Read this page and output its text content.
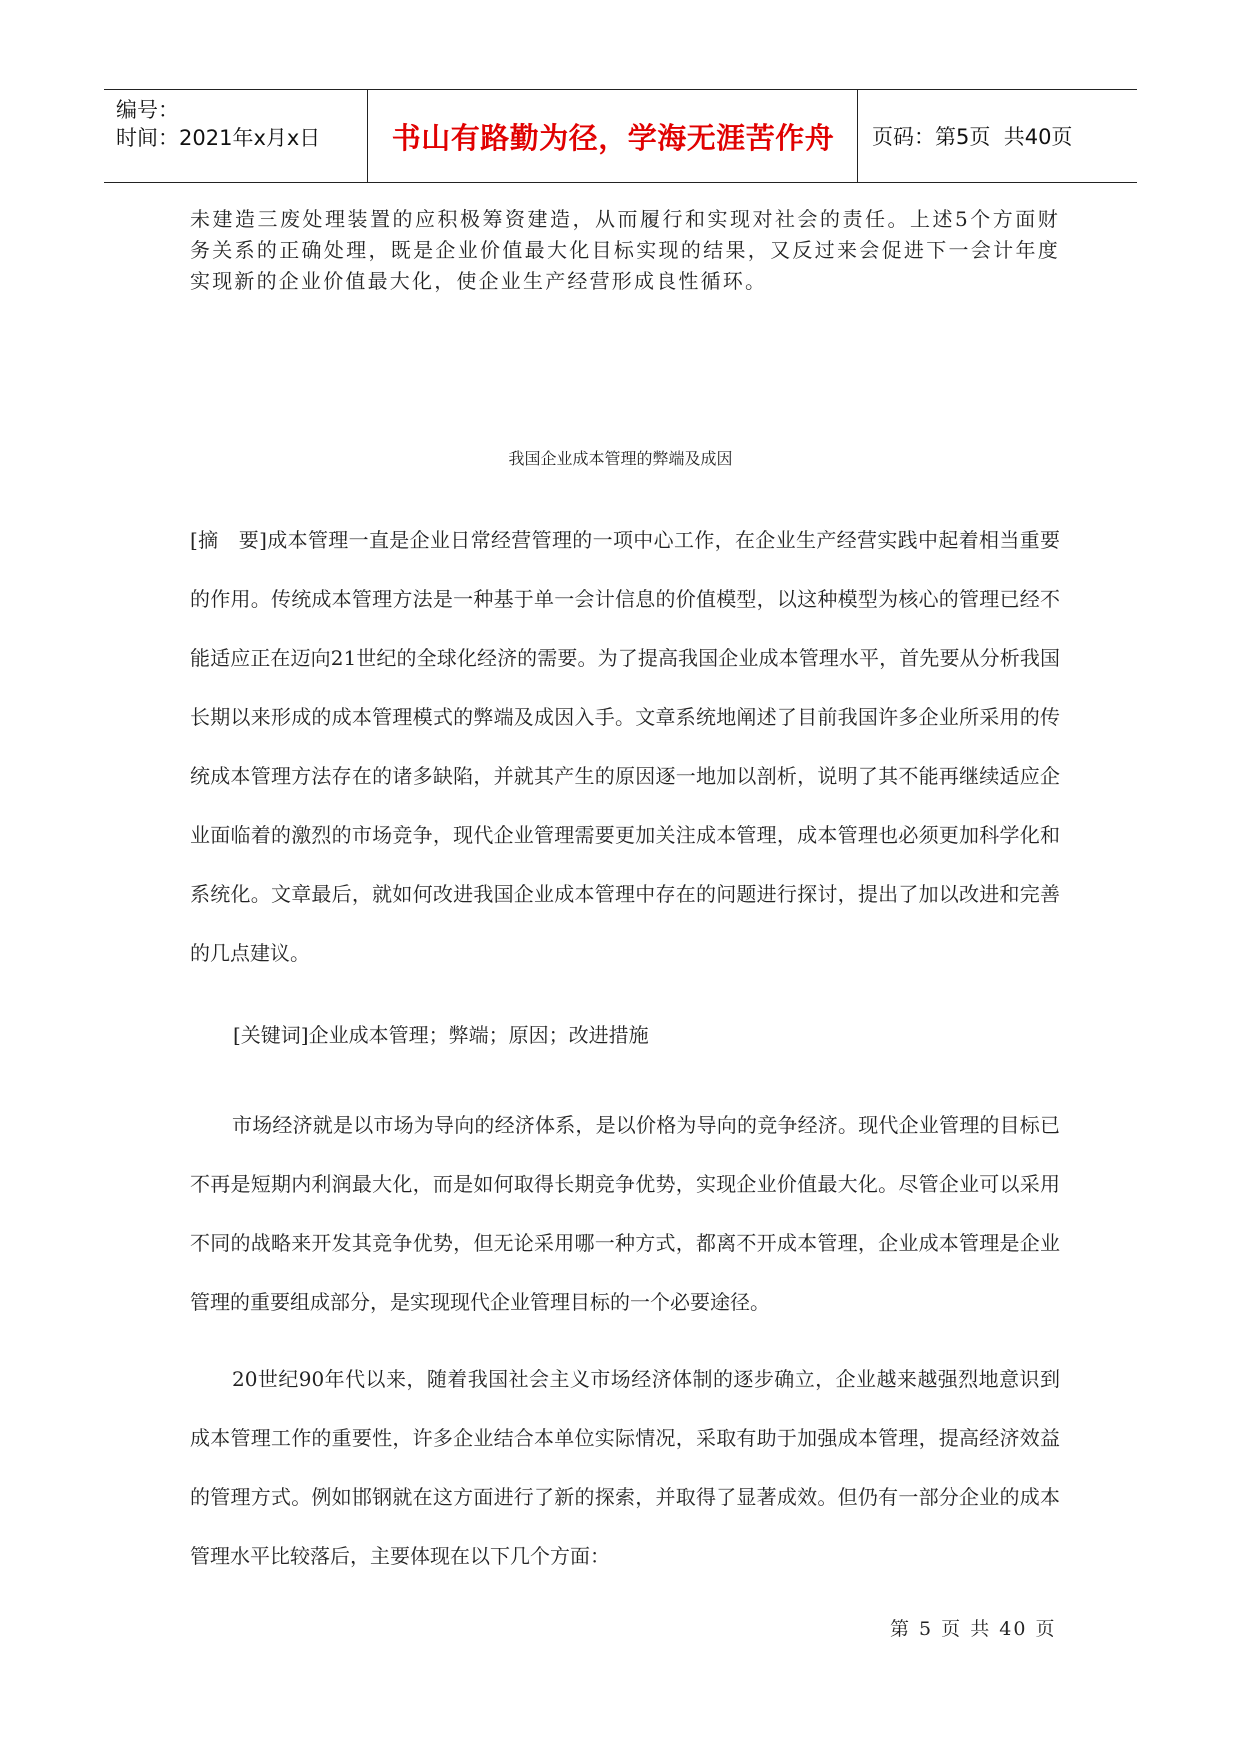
编号：
时间：2021年x月x日	书山有路勤为径，学海无涯苦作舟	页码：第5页  共40页
未建造三废处理装置的应积极筹资建造，从而履行和实现对社会的责任。上述5个方面财务关系的正确处理，既是企业价值最大化目标实现的结果，又反过来会促进下一会计年度实现新的企业价值最大化，使企业生产经营形成良性循环。
我国企业成本管理的弊端及成因
[摘　要]成本管理一直是企业日常经营管理的一项中心工作，在企业生产经营实践中起着相当重要的作用。传统成本管理方法是一种基于单一会计信息的价值模型，以这种模型为核心的管理已经不能适应正在迈向21世纪的全球化经济的需要。为了提高我国企业成本管理水平，首先要从分析我国长期以来形成的成本管理模式的弊端及成因入手。文章系统地阐述了目前我国许多企业所采用的传统成本管理方法存在的诸多缺陷，并就其产生的原因逐一地加以剖析，说明了其不能再继续适应企业面临着的激烈的市场竞争，现代企业管理需要更加关注成本管理，成本管理也必须更加科学化和系统化。文章最后，就如何改进我国企业成本管理中存在的问题进行探讨，提出了加以改进和完善的几点建议。
[关键词]企业成本管理；弊端；原因；改进措施
市场经济就是以市场为导向的经济体系，是以价格为导向的竞争经济。现代企业管理的目标已不再是短期内利润最大化，而是如何取得长期竞争优势，实现企业价值最大化。尽管企业可以采用不同的战略来开发其竞争优势，但无论采用哪一种方式，都离不开成本管理，企业成本管理是企业管理的重要组成部分，是实现现代企业管理目标的一个必要途径。
20世纪90年代以来，随着我国社会主义市场经济体制的逐步确立，企业越来越强烈地意识到成本管理工作的重要性，许多企业结合本单位实际情况，采取有助于加强成本管理，提高经济效益的管理方式。例如邯钢就在这方面进行了新的探索，并取得了显著成效。但仍有一部分企业的成本管理水平比较落后，主要体现在以下几个方面：
第 5 页 共 40 页
